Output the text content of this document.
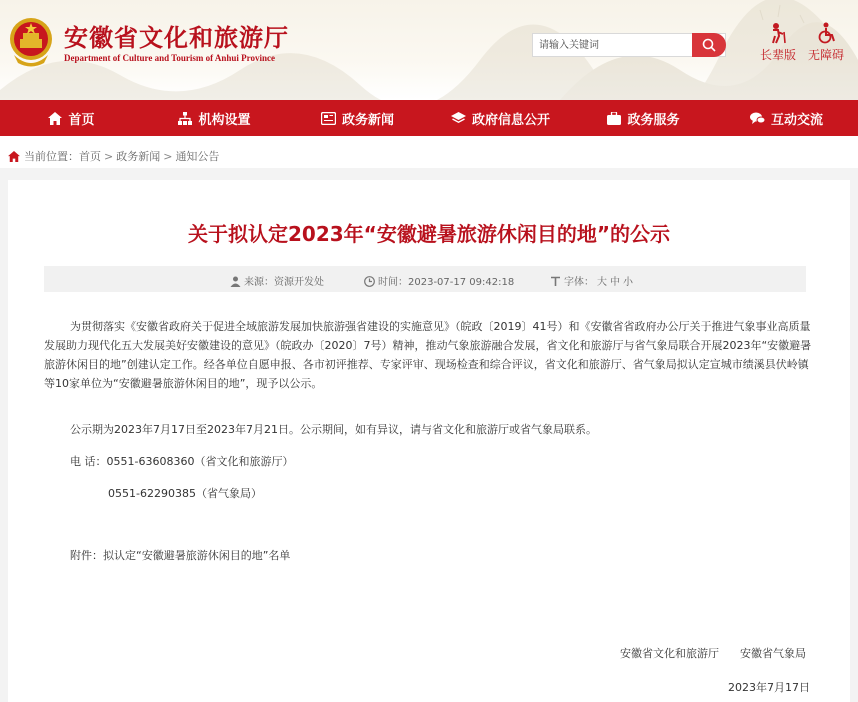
安徽省文化和旅游厅
Department of Culture and Tourism of Anhui Province
请输入关键词	长辈版 无障碍
首页	机构设置	政务新闻	政府信息公开	政务服务	互动交流
当前位置： 首页 > 政务新闻 > 通知公告
关于拟认定2023年“安徽避暑旅游休闲目的地”的公示
来源：资源开发处	时间：2023-07-17 09:42:18	字体： 大 中 小
为贯彻落实《安徽省政府关于促进全域旅游发展加快旅游强省建设的实施意见》（皖政〔2019〕41号）和《安徽省省政府办公厅关于推进气象事业高质量发展助力现代化五大发展美好安徽建设的意见》（皖政办〔2020〕7号）精神，推动气象旅游融合发展，省文化和旅游厅与省气象局联合开展2023年“安徽避暑旅游休闲目的地”创建认定工作。经各单位自愿申报、各市初评推荐、专家评审、现场检查和综合评议，省文化和旅游厅、省气象局拟认定宣城市绩溪县伏岭镇等10家单位为“安徽避暑旅游休闲目的地”，现予以公示。
公示期为2023年7月17日至2023年7月21日。公示期间，如有异议，请与省文化和旅游厅或省气象局联系。
电 话：0551-63608360（省文化和旅游厅）
0551-62290385（省气象局）
附件：拟认定“安徽避暑旅游休闲目的地”名单
安徽省文化和旅游厅 安徽省气象局
2023年7月17日
